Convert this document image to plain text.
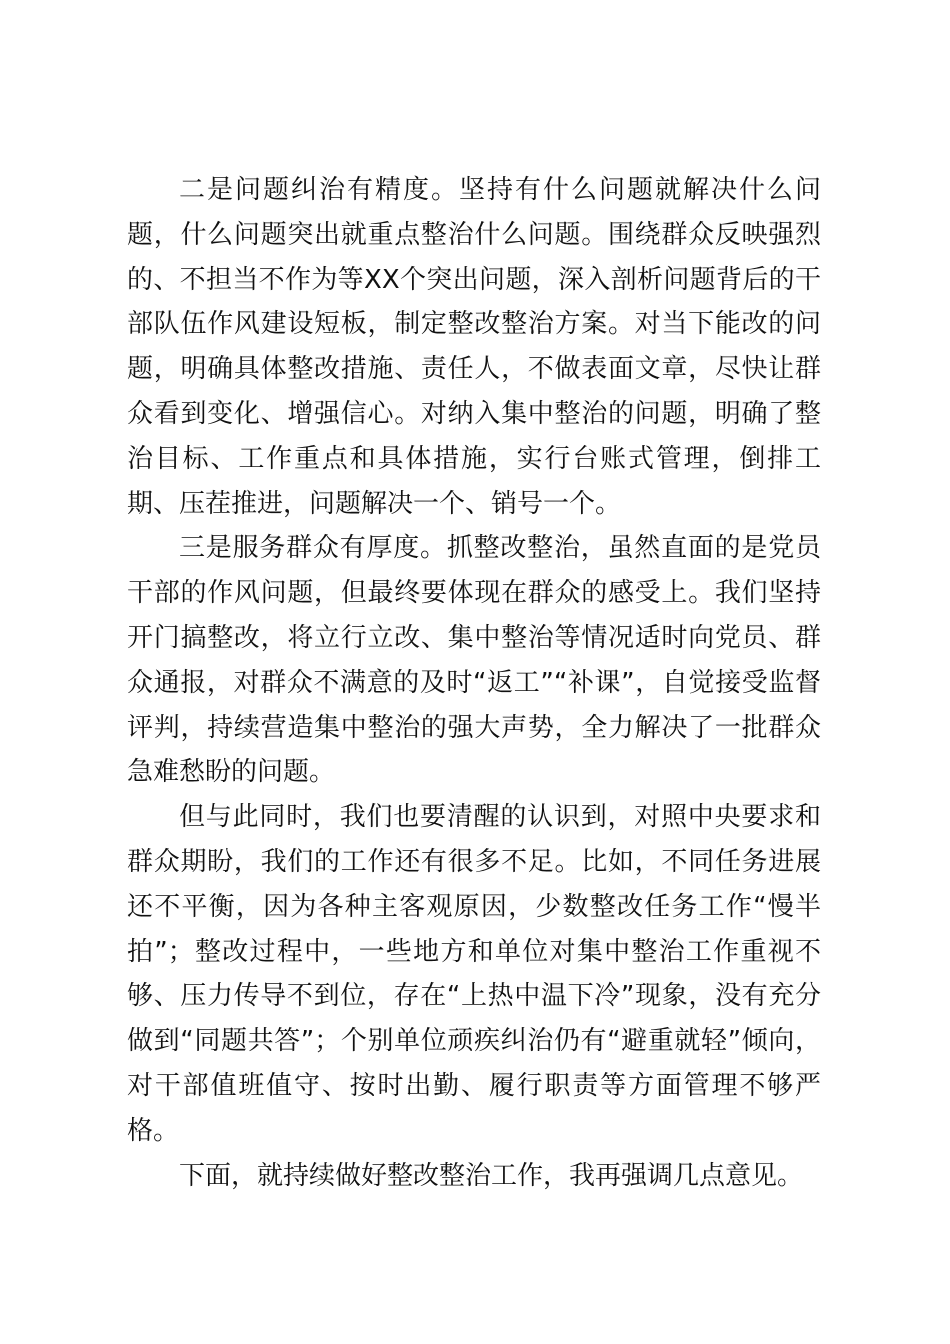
二是问题纠治有精度。坚持有什么问题就解决什么问题，什么问题突出就重点整治什么问题。围绕群众反映强烈的、不担当不作为等XX个突出问题，深入剖析问题背后的干部队伍作风建设短板，制定整改整治方案。对当下能改的问题，明确具体整改措施、责任人，不做表面文章，尽快让群众看到变化、增强信心。对纳入集中整治的问题，明确了整治目标、工作重点和具体措施，实行台账式管理，倒排工期、压茬推进，问题解决一个、销号一个。

三是服务群众有厚度。抓整改整治，虽然直面的是党员干部的作风问题，但最终要体现在群众的感受上。我们坚持开门搞整改，将立行立改、集中整治等情况适时向党员、群众通报，对群众不满意的及时“返工”“补课”，自觉接受监督评判，持续营造集中整治的强大声势，全力解决了一批群众急难愁盼的问题。

但与此同时，我们也要清醒的认识到，对照中央要求和群众期盼，我们的工作还有很多不足。比如，不同任务进展还不平衡，因为各种主客观原因，少数整改任务工作“慢半拍”；整改过程中，一些地方和单位对集中整治工作重视不够、压力传导不到位，存在“上热中温下冷”现象，没有充分做到“同题共答”；个别单位顽疾纠治仍有“避重就轻”倾向，对干部值班值守、按时出勤、履行职责等方面管理不够严格。

下面，就持续做好整改整治工作，我再强调几点意见。
